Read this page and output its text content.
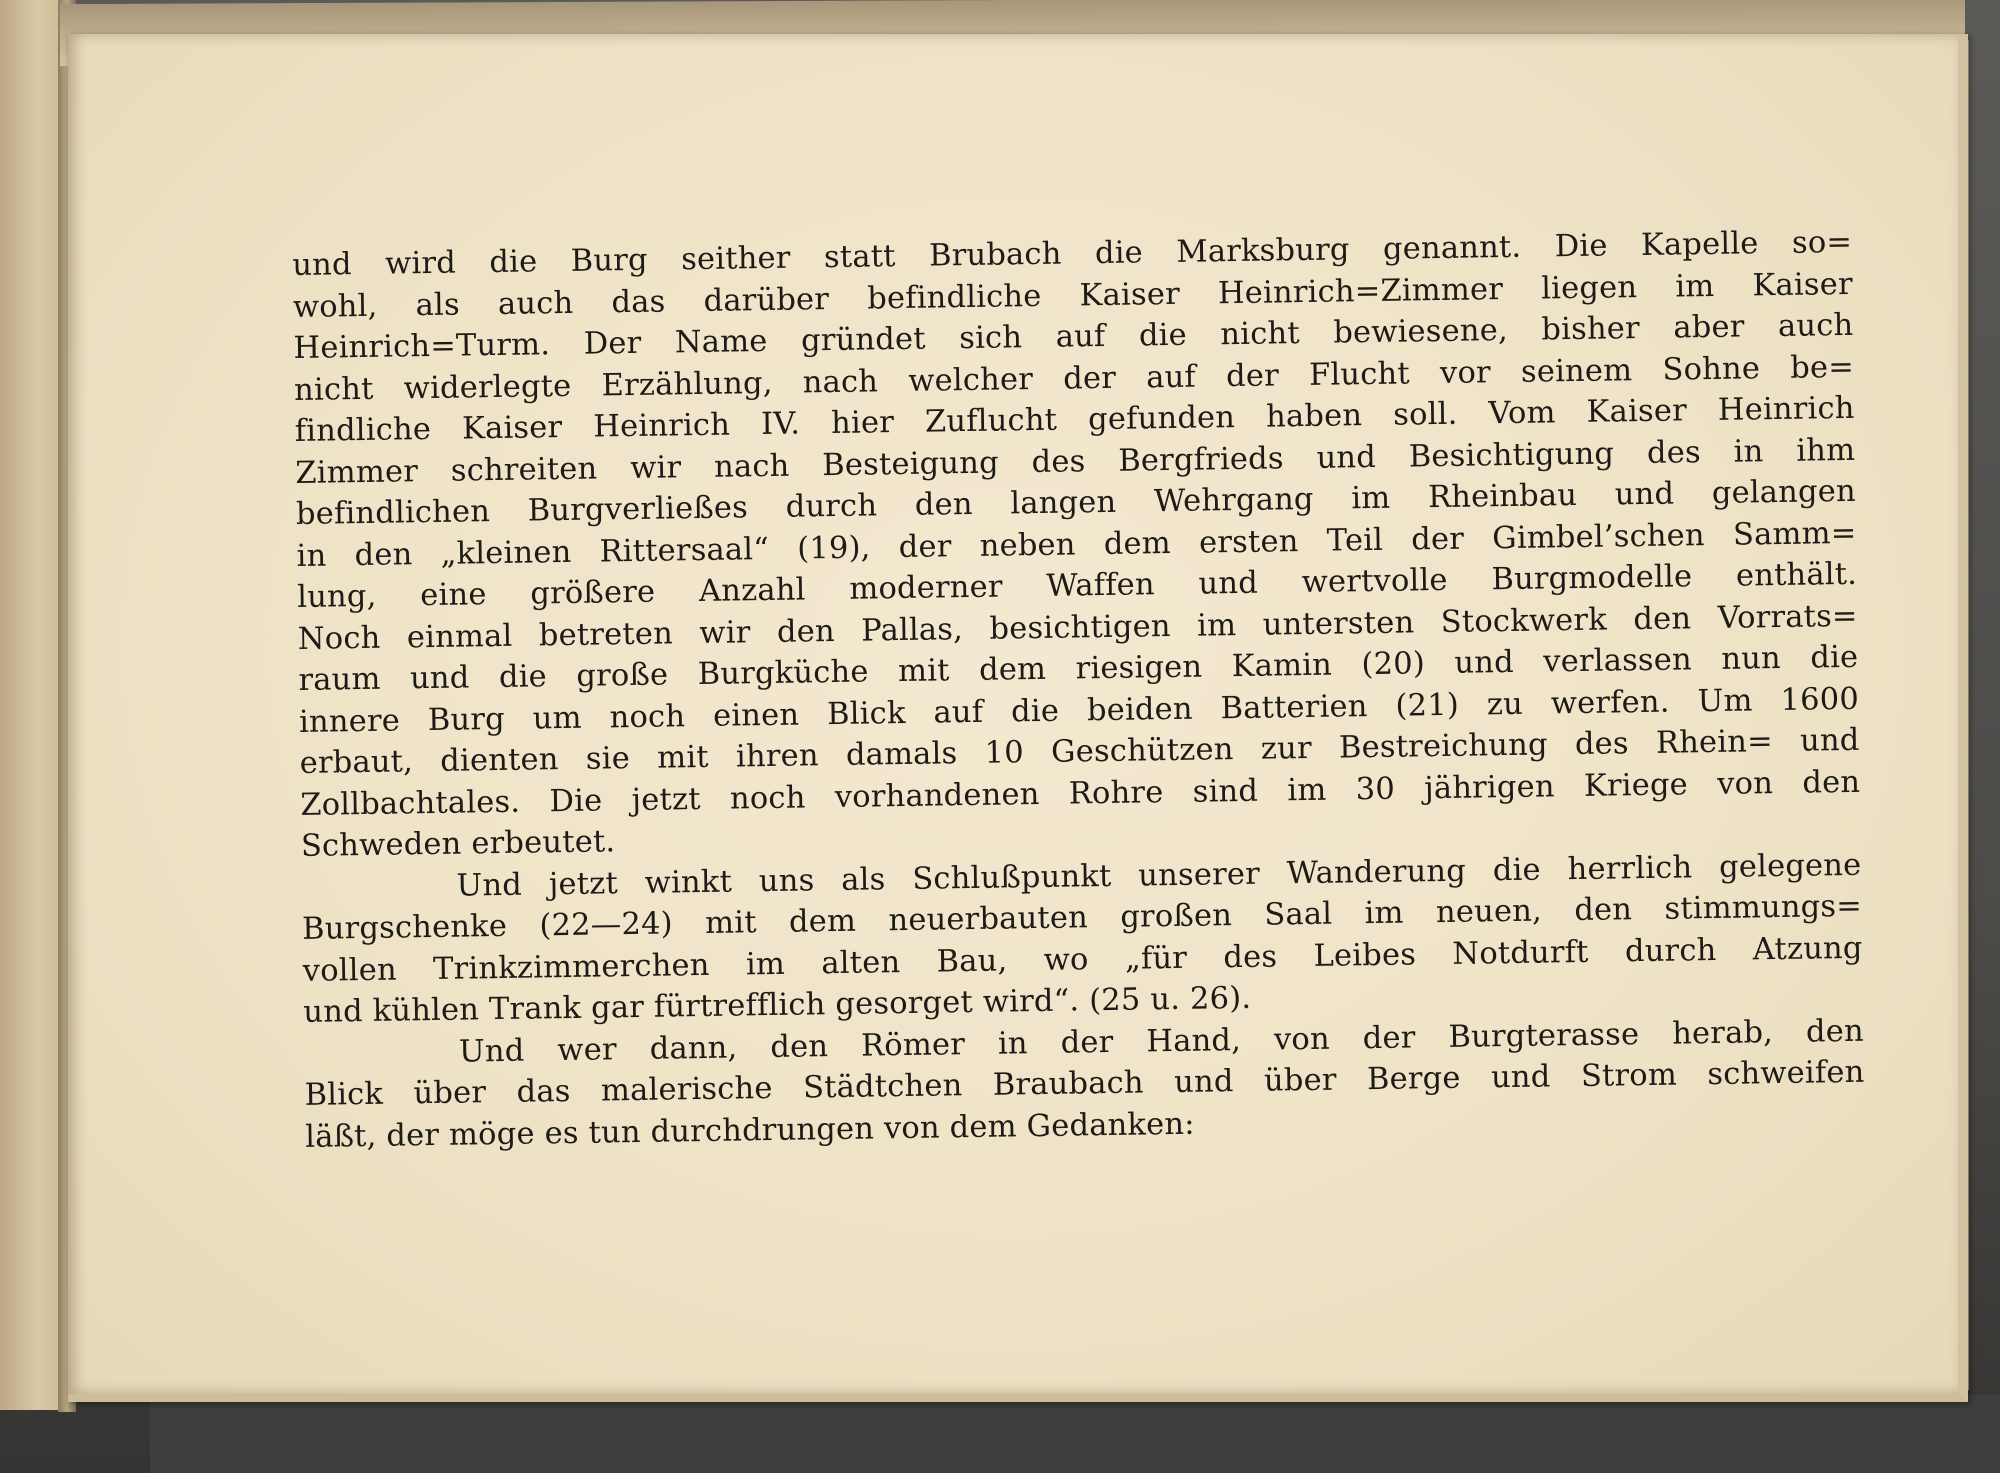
und wird die Burg seither statt Brubach die Marksburg genannt. Die Kapelle so=
wohl, als auch das darüber befindliche Kaiser Heinrich=Zimmer liegen im Kaiser
Heinrich=Turm. Der Name gründet sich auf die nicht bewiesene, bisher aber auch
nicht widerlegte Erzählung, nach welcher der auf der Flucht vor seinem Sohne be=
findliche Kaiser Heinrich IV. hier Zuflucht gefunden haben soll. Vom Kaiser Heinrich
Zimmer schreiten wir nach Besteigung des Bergfrieds und Besichtigung des in ihm
befindlichen Burgverließes durch den langen Wehrgang im Rheinbau und gelangen
in den „kleinen Rittersaal“ (19), der neben dem ersten Teil der Gimbel’schen Samm=
lung, eine größere Anzahl moderner Waffen und wertvolle Burgmodelle enthält.
Noch einmal betreten wir den Pallas, besichtigen im untersten Stockwerk den Vorrats=
raum und die große Burgküche mit dem riesigen Kamin (20) und verlassen nun die
innere Burg um noch einen Blick auf die beiden Batterien (21) zu werfen. Um 1600
erbaut, dienten sie mit ihren damals 10 Geschützen zur Bestreichung des Rhein= und
Zollbachtales. Die jetzt noch vorhandenen Rohre sind im 30 jährigen Kriege von den
Schweden erbeutet.
Und jetzt winkt uns als Schlußpunkt unserer Wanderung die herrlich gelegene
Burgschenke (22—24) mit dem neuerbauten großen Saal im neuen, den stimmungs=
vollen Trinkzimmerchen im alten Bau, wo „für des Leibes Notdurft durch Atzung
und kühlen Trank gar fürtrefflich gesorget wird“. (25 u. 26).
Und wer dann, den Römer in der Hand, von der Burgterasse herab, den
Blick über das malerische Städtchen Braubach und über Berge und Strom schweifen
läßt, der möge es tun durchdrungen von dem Gedanken:
